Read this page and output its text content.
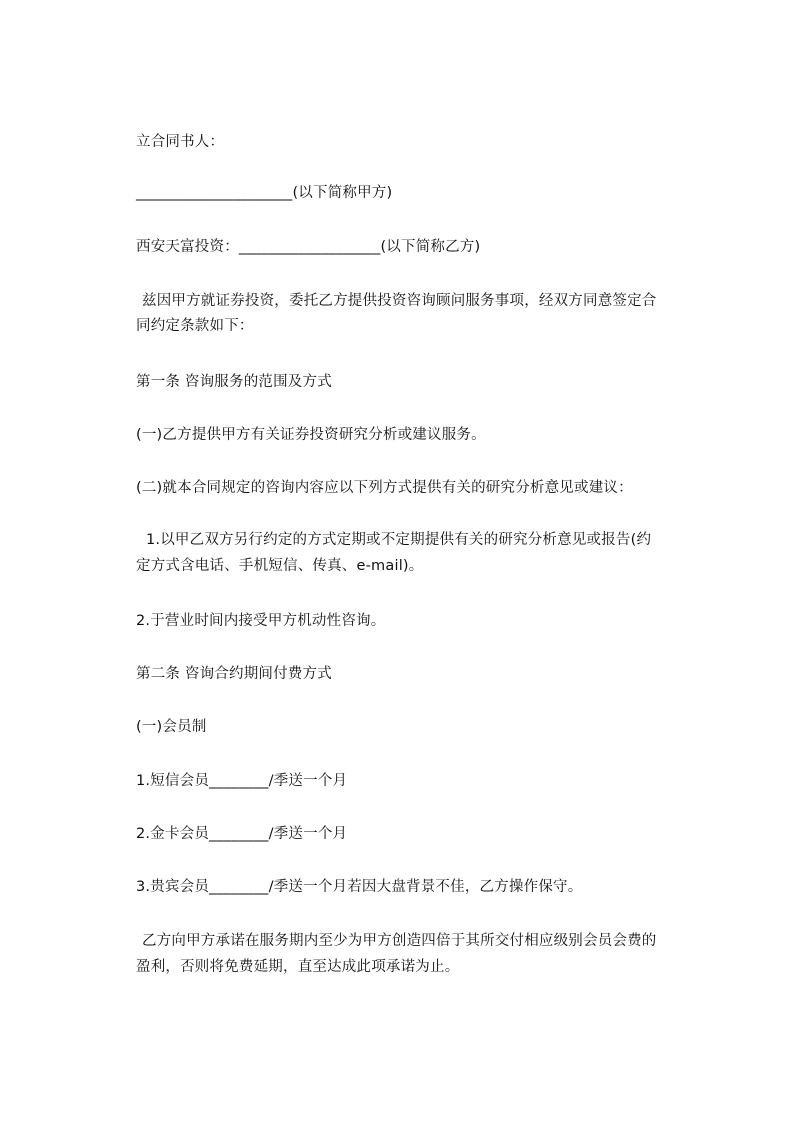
立合同书人：
_____________________(以下简称甲方)
西安天富投资：___________________(以下简称乙方)
兹因甲方就证券投资，委托乙方提供投资咨询顾问服务事项，经双方同意签定合
同约定条款如下：
第一条 咨询服务的范围及方式
(一)乙方提供甲方有关证券投资研究分析或建议服务。
(二)就本合同规定的咨询内容应以下列方式提供有关的研究分析意见或建议：
1.以甲乙双方另行约定的方式定期或不定期提供有关的研究分析意见或报告(约
定方式含电话、手机短信、传真、e-mail)。
2.于营业时间内接受甲方机动性咨询。
第二条 咨询合约期间付费方式
(一)会员制
1.短信会员________/季送一个月
2.金卡会员________/季送一个月
3.贵宾会员________/季送一个月若因大盘背景不佳，乙方操作保守。
乙方向甲方承诺在服务期内至少为甲方创造四倍于其所交付相应级别会员会费的
盈利，否则将免费延期，直至达成此项承诺为止。
